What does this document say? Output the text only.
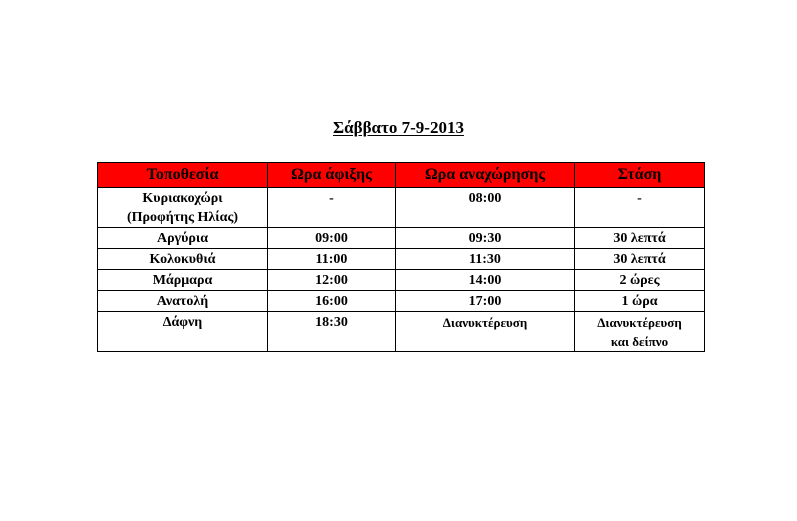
Σάββατο 7-9-2013
Τοποθεσία	Ωρα άφιξης	Ωρα αναχώρησης	Στάση

Κυριακοχώρι
(Προφήτης Ηλίας)	-	08:00	-

Αργύρια	09:00	09:30	30 λεπτά

Κολοκυθιά	11:00	11:30	30 λεπτά

Μάρμαρα	12:00	14:00	2 ώρες

Ανατολή	16:00	17:00	1 ώρα

Δάφνη	18:30	Διανυκτέρευση	Διανυκτέρευση
και δείπνο
